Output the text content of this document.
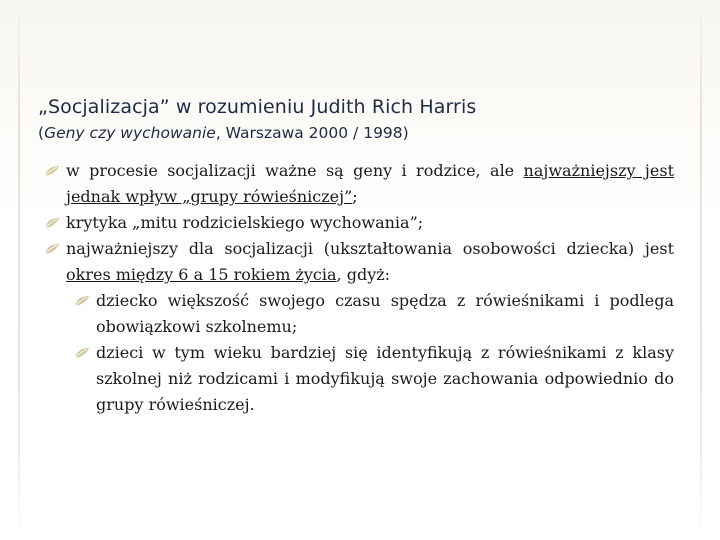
„Socjalizacja” w rozumieniu Judith Rich Harris
(Geny czy wychowanie, Warszawa 2000 / 1998)
w procesie socjalizacji ważne są geny i rodzice, ale najważniejszy jest jednak wpływ „grupy rówieśniczej”;
krytyka „mitu rodzicielskiego wychowania”;
najważniejszy dla socjalizacji (ukształtowania osobowości dziecka) jest okres między 6 a 15 rokiem życia, gdyż:
dziecko większość swojego czasu spędza z rówieśnikami i podlega obowiązkowi szkolnemu;
dzieci w tym wieku bardziej się identyfikują z rówieśnikami z klasy szkolnej niż rodzicami i modyfikują swoje zachowania odpowiednio do grupy rówieśniczej.
